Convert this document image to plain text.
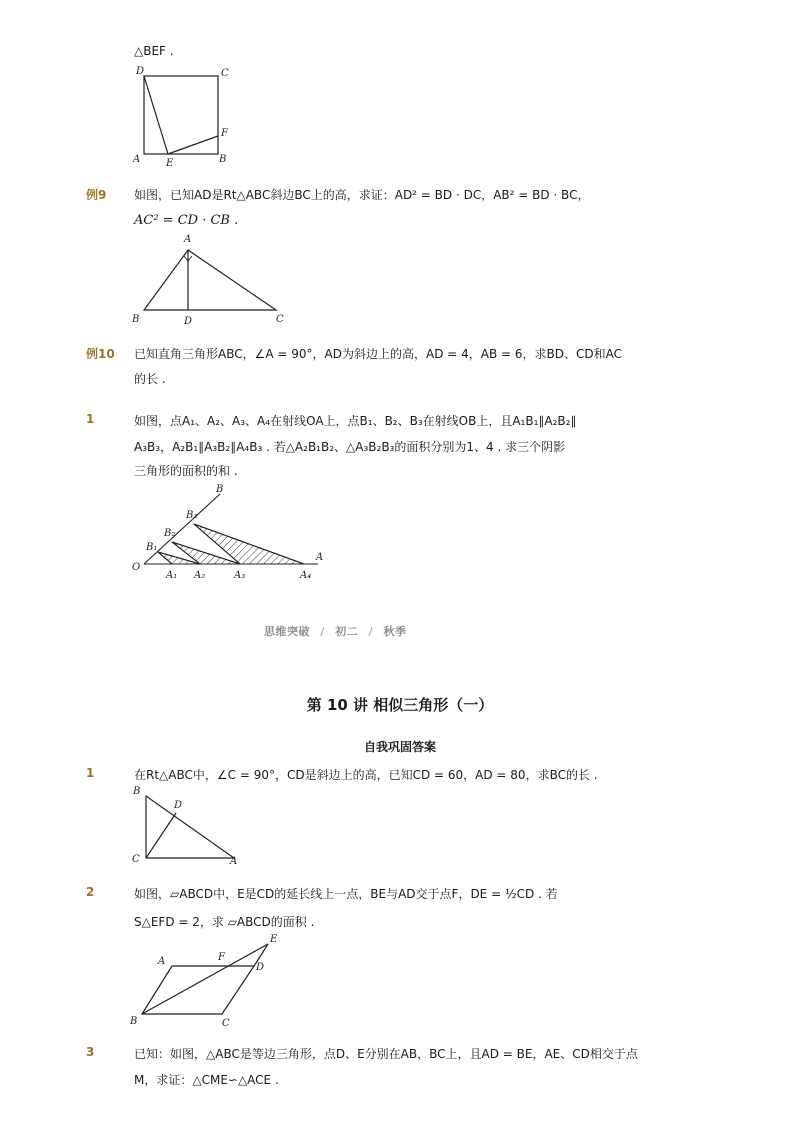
△BEF .
D	C
F
A	E	B
例9 如图，已知AD是Rt△ABC斜边BC上的高，求证：AD² = BD · DC，AB² = BD · BC，
AC² = CD · CB .
A
B	D	C
例10 已知直角三角形ABC，∠A = 90°，AD为斜边上的高，AD = 4，AB = 6，求BD、CD和AC
的长 .
1	如图，点A₁、A₂、A₃、A₄在射线OA上，点B₁、B₂、B₃在射线OB上，且A₁B₁∥A₂B₂∥
A₃B₃，A₂B₁∥A₃B₂∥A₄B₃ . 若△A₂B₁B₂、△A₃B₂B₃的面积分别为1、4 . 求三个阴影
三角形的面积的和 .
B
B₃
B₂
B₁
O
A₁ A₂	A₃	A₄
A
思维突破 / 初二 / 秋季
第 10 讲 相似三角形（一）
自我巩固答案
1	在Rt△ABC中，∠C = 90°，CD是斜边上的高，已知CD = 60，AD = 80，求BC的长 .
B
D
C	A
2	如图，▱ABCD中，E是CD的延长线上一点，BE与AD交于点F，DE = ½CD . 若
S△EFD = 2，求 ▱ABCD的面积 .
A
E
F
D
B	C
3	已知：如图，△ABC是等边三角形，点D、E分别在AB，BC上，且AD = BE，AE、CD相交于点
M，求证：△CME∽△ACE .
